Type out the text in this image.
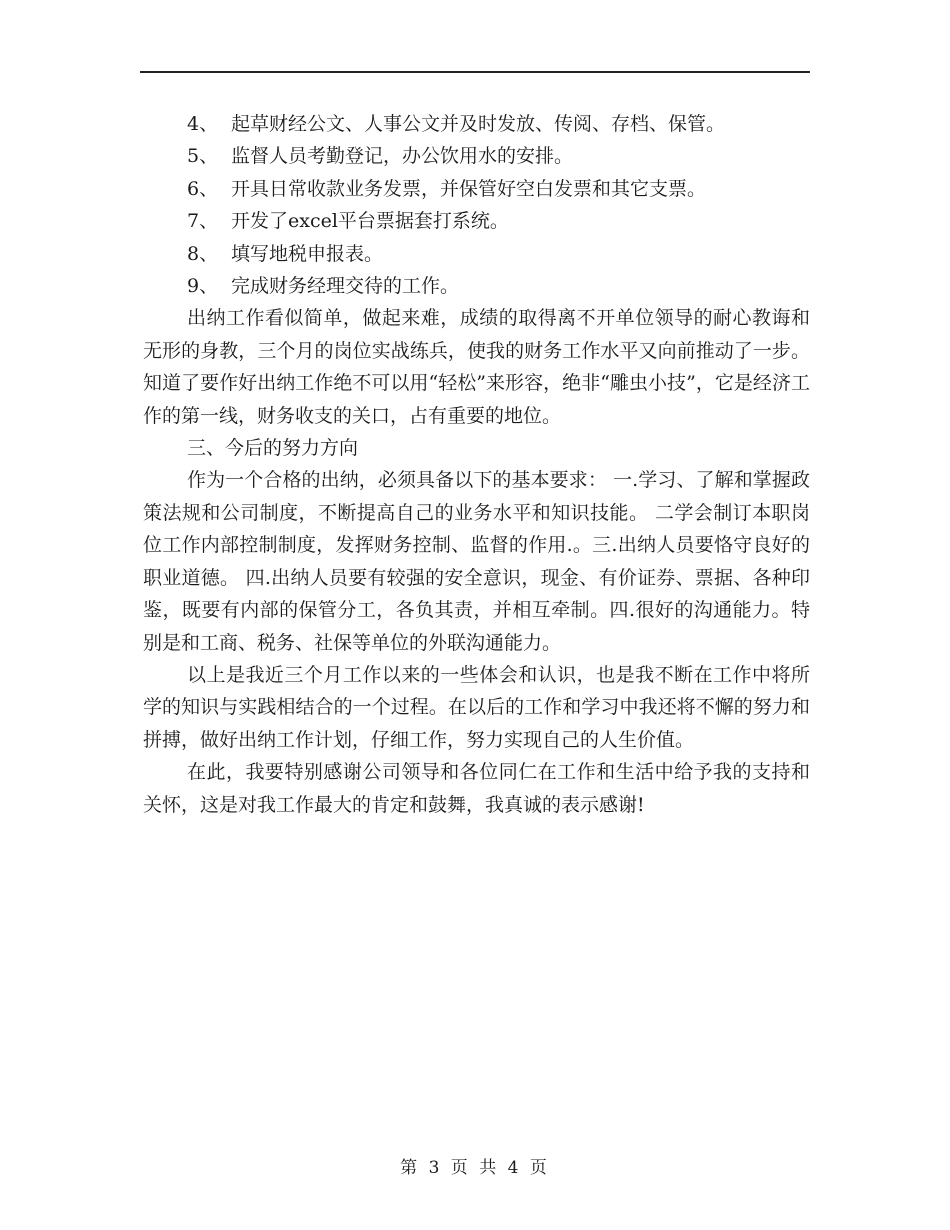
4、 起草财经公文、人事公文并及时发放、传阅、存档、保管。
5、 监督人员考勤登记，办公饮用水的安排。
6、 开具日常收款业务发票，并保管好空白发票和其它支票。
7、 开发了excel平台票据套打系统。
8、 填写地税申报表。
9、 完成财务经理交待的工作。

出纳工作看似简单，做起来难，成绩的取得离不开单位领导的耐心教诲和无形的身教，三个月的岗位实战练兵，使我的财务工作水平又向前推动了一步。知道了要作好出纳工作绝不可以用“轻松”来形容，绝非“雕虫小技”，它是经济工作的第一线，财务收支的关口，占有重要的地位。

三、今后的努力方向

作为一个合格的出纳，必须具备以下的基本要求： 一.学习、了解和掌握政策法规和公司制度，不断提高自己的业务水平和知识技能。 二学会制订本职岗位工作内部控制制度，发挥财务控制、监督的作用.。三.出纳人员要恪守良好的职业道德。 四.出纳人员要有较强的安全意识，现金、有价证券、票据、各种印鉴，既要有内部的保管分工，各负其责，并相互牵制。四.很好的沟通能力。特别是和工商、税务、社保等单位的外联沟通能力。

以上是我近三个月工作以来的一些体会和认识，也是我不断在工作中将所学的知识与实践相结合的一个过程。在以后的工作和学习中我还将不懈的努力和拼搏，做好出纳工作计划，仔细工作，努力实现自己的人生价值。

在此，我要特别感谢公司领导和各位同仁在工作和生活中给予我的支持和关怀，这是对我工作最大的肯定和鼓舞，我真诚的表示感谢!

第 3 页 共 4 页
